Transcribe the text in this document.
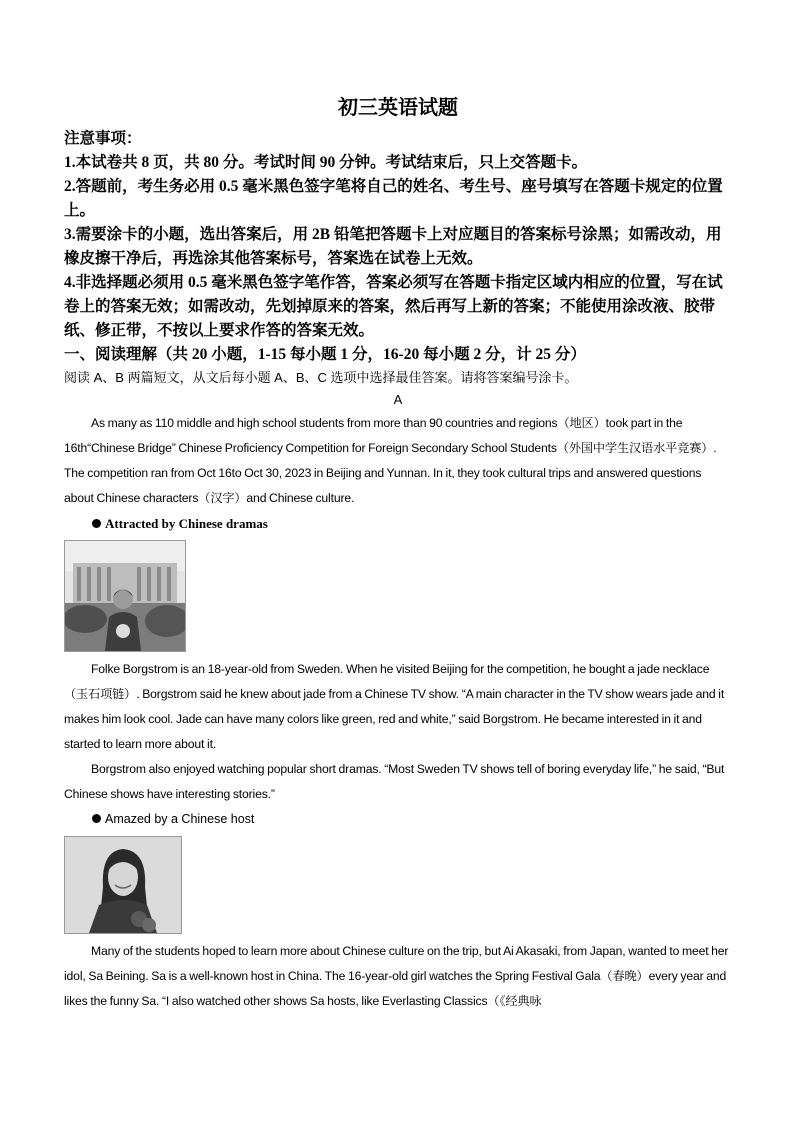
初三英语试题

注意事项：

1.本试卷共 8 页，共 80 分。考试时间 90 分钟。考试结束后，只上交答题卡。

2.答题前，考生务必用 0.5 毫米黑色签字笔将自己的姓名、考生号、座号填写在答题卡规定的位置上。

3.需要涂卡的小题，选出答案后，用 2B 铅笔把答题卡上对应题目的答案标号涂黑；如需改动，用橡皮擦干净后，再选涂其他答案标号，答案选在试卷上无效。

4.非选择题必须用 0.5 毫米黑色签字笔作答，答案必须写在答题卡指定区域内相应的位置，写在试卷上的答案无效；如需改动，先划掉原来的答案，然后再写上新的答案；不能使用涂改液、胶带纸、修正带，不按以上要求作答的答案无效。

一、阅读理解（共 20 小题，1-15 每小题 1 分，16-20 每小题 2 分，计 25 分）

阅读 A、B 两篇短文，从文后每小题 A、B、C 选项中选择最佳答案。请将答案编号涂卡。

A

As many as 110 middle and high school students from more than 90 countries and regions（地区）took part in the 16th“Chinese Bridge” Chinese Proficiency Competition for Foreign Secondary School Students（外国中学生汉语水平竞赛）. The competition ran from Oct 16to Oct 30, 2023 in Beijing and Yunnan. In it, they took cultural trips and answered questions about Chinese characters（汉字）and Chinese culture.

Attracted by Chinese dramas

Folke Borgstrom is an 18-year-old from Sweden. When he visited Beijing for the competition, he bought a jade necklace （玉石项链）. Borgstrom said he knew about jade from a Chinese TV show. “A main character in the TV show wears jade and it makes him look cool. Jade can have many colors like green, red and white,” said Borgstrom. He became interested in it and started to learn more about it.

Borgstrom also enjoyed watching popular short dramas. “Most Sweden TV shows tell of boring everyday life,” he said, “But Chinese shows have interesting stories.”

Amazed by a Chinese host

Many of the students hoped to learn more about Chinese culture on the trip, but Ai Akasaki, from Japan, wanted to meet her idol, Sa Beining. Sa is a well-known host in China. The 16-year-old girl watches the Spring Festival Gala（春晚）every year and likes the funny Sa. “I also watched other shows Sa hosts, like Everlasting Classics（《经典咏
